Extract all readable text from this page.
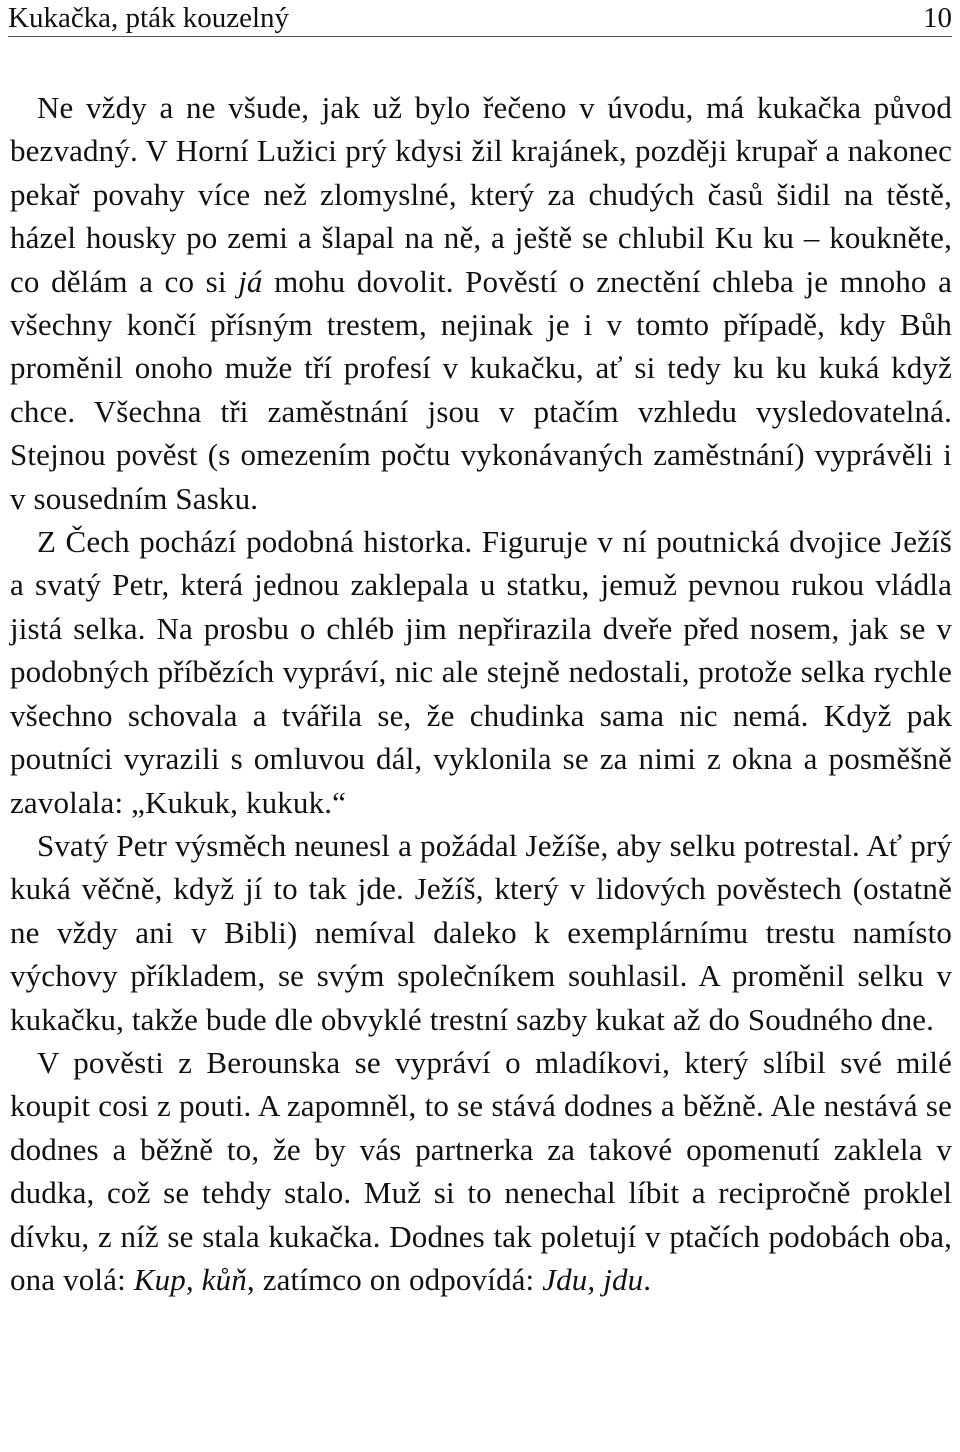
Kukačka, pták kouzelný	10

Ne vždy a ne všude, jak už bylo řečeno v úvodu, má kukačka původ bezvadný. V Horní Lužici prý kdysi žil krajánek, později krupař a nakonec pekař povahy více než zlomyslné, který za chudých časů šidil na těstě, házel housky po zemi a šlapal na ně, a ještě se chlubil Ku ku – koukněte, co dělám a co si já mohu dovolit. Pověstí o znectění chleba je mnoho a všechny končí přísným trestem, nejinak je i v tomto případě, kdy Bůh proměnil onoho muže tří profesí v kukačku, ať si tedy ku ku kuká když chce. Všechna tři zaměstnání jsou v ptačím vzhledu vysledovatelná. Stejnou pověst (s omezením počtu vykonávaných zaměstnání) vyprávěli i v sousedním Sasku.

Z Čech pochází podobná historka. Figuruje v ní poutnická dvojice Ježíš a svatý Petr, která jednou zaklepala u statku, jemuž pevnou rukou vládla jistá selka. Na prosbu o chléb jim nepřirazila dveře před nosem, jak se v podobných příbězích vypráví, nic ale stejně nedostali, protože selka rychle všechno schovala a tvářila se, že chudinka sama nic nemá. Když pak poutníci vyrazili s omluvou dál, vyklonila se za nimi z okna a posměšně zavolala: „Kukuk, kukuk.“

Svatý Petr výsměch neunesl a požádal Ježíše, aby selku potrestal. Ať prý kuká věčně, když jí to tak jde. Ježíš, který v lidových pověstech (ostatně ne vždy ani v Bibli) nemíval daleko k exemplárnímu trestu namísto výchovy příkladem, se svým společníkem souhlasil. A proměnil selku v kukačku, takže bude dle obvyklé trestní sazby kukat až do Soudného dne.

V pověsti z Berounska se vypráví o mladíkovi, který slíbil své milé koupit cosi z pouti. A zapomněl, to se stává dodnes a běžně. Ale nestává se dodnes a běžně to, že by vás partnerka za takové opomenutí zaklela v dudka, což se tehdy stalo. Muž si to nenechal líbit a recipročně proklel dívku, z níž se stala kukačka. Dodnes tak poletují v ptačích podobách oba, ona volá: Kup, kůň, zatímco on odpovídá: Jdu, jdu.
